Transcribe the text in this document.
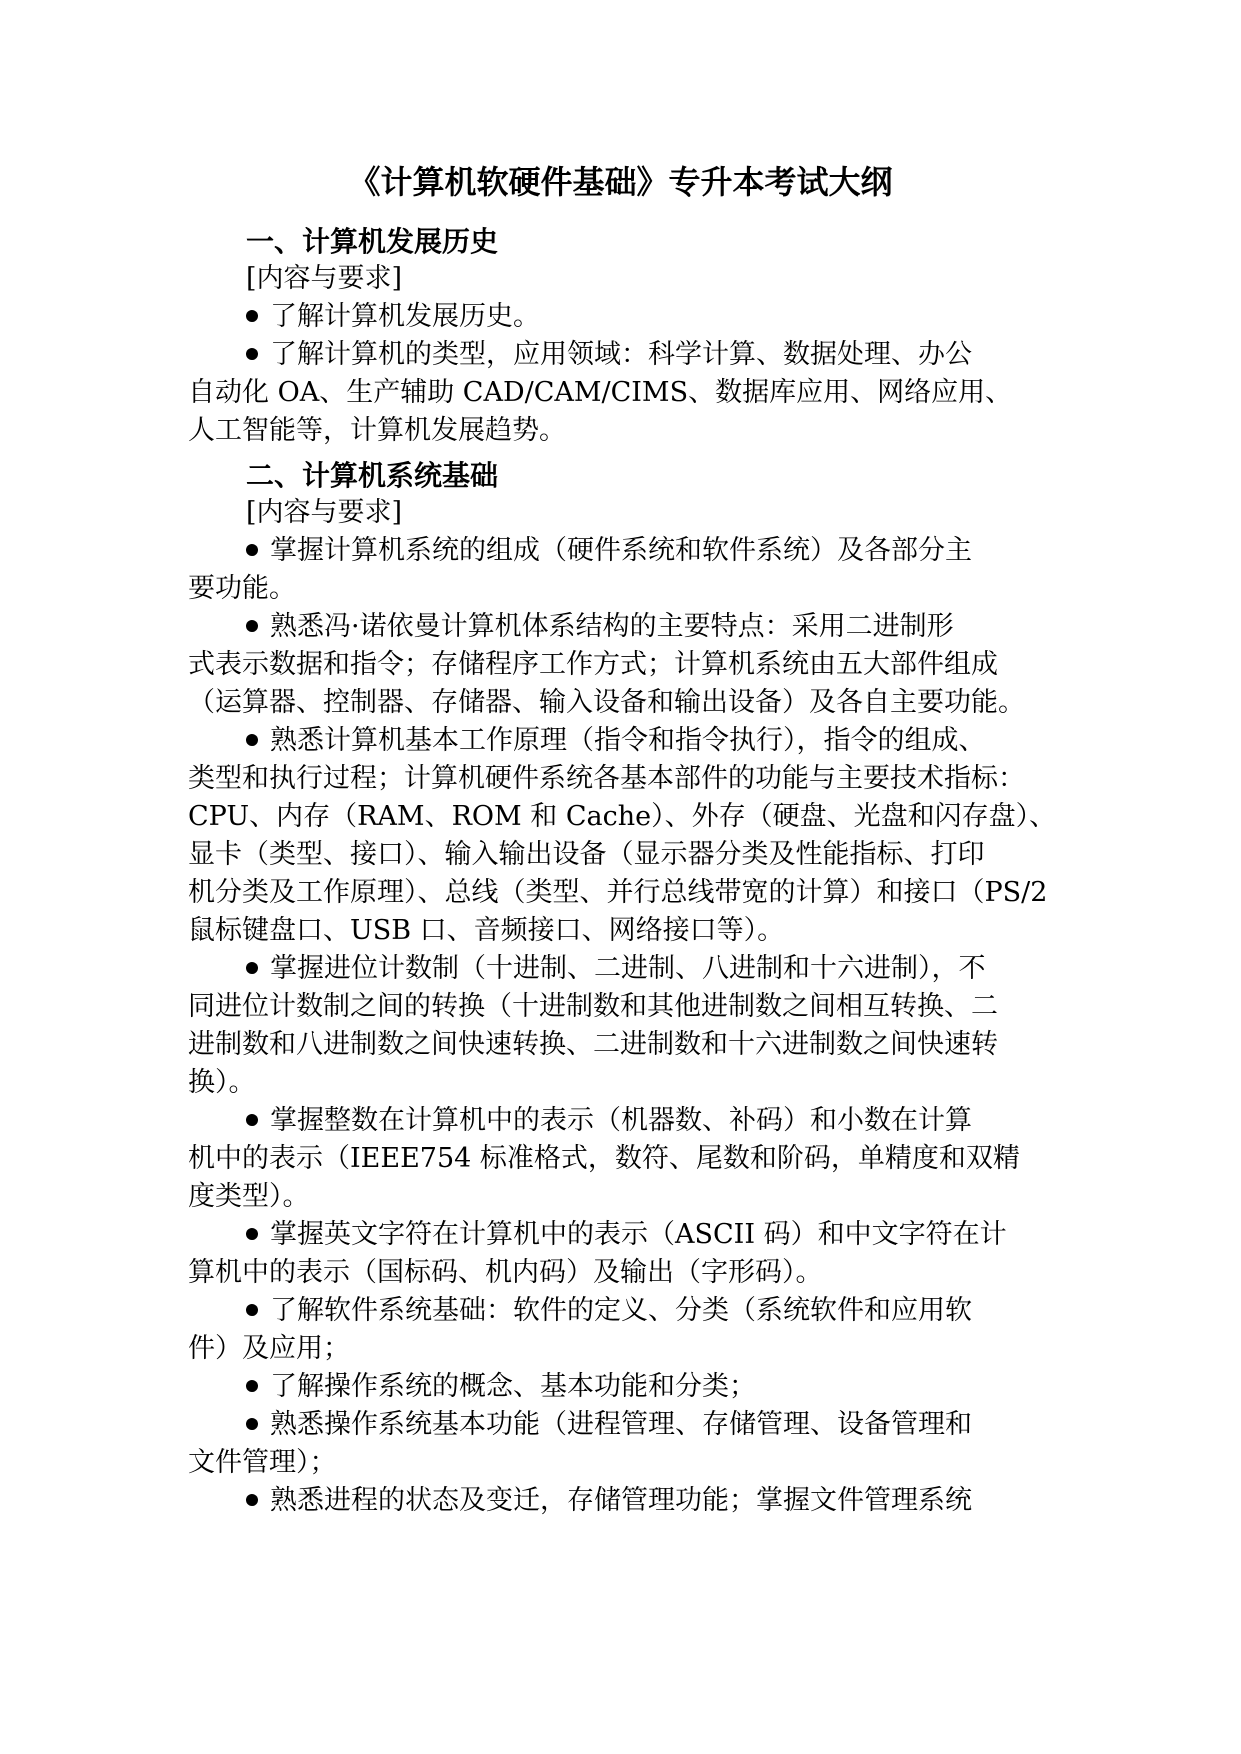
《计算机软硬件基础》专升本考试大纲
一、计算机发展历史
[内容与要求]
了解计算机发展历史。
了解计算机的类型，应用领域：科学计算、数据处理、办公
自动化 OA、生产辅助 CAD/CAM/CIMS、数据库应用、网络应用、
人工智能等，计算机发展趋势。
二、计算机系统基础
[内容与要求]
掌握计算机系统的组成（硬件系统和软件系统）及各部分主
要功能。
熟悉冯·诺依曼计算机体系结构的主要特点：采用二进制形
式表示数据和指令；存储程序工作方式；计算机系统由五大部件组成
（运算器、控制器、存储器、输入设备和输出设备）及各自主要功能。
熟悉计算机基本工作原理（指令和指令执行），指令的组成、
类型和执行过程；计算机硬件系统各基本部件的功能与主要技术指标：
CPU、内存（RAM、ROM 和 Cache）、外存（硬盘、光盘和闪存盘）、
显卡（类型、接口）、输入输出设备（显示器分类及性能指标、打印
机分类及工作原理）、总线（类型、并行总线带宽的计算）和接口（PS/2
鼠标键盘口、USB 口、音频接口、网络接口等）。
掌握进位计数制（十进制、二进制、八进制和十六进制），不
同进位计数制之间的转换（十进制数和其他进制数之间相互转换、二
进制数和八进制数之间快速转换、二进制数和十六进制数之间快速转
换）。
掌握整数在计算机中的表示（机器数、补码）和小数在计算
机中的表示（IEEE754 标准格式，数符、尾数和阶码，单精度和双精
度类型）。
掌握英文字符在计算机中的表示（ASCII 码）和中文字符在计
算机中的表示（国标码、机内码）及输出（字形码）。
了解软件系统基础：软件的定义、分类（系统软件和应用软
件）及应用；
了解操作系统的概念、基本功能和分类；
熟悉操作系统基本功能（进程管理、存储管理、设备管理和
文件管理）；
熟悉进程的状态及变迁，存储管理功能；掌握文件管理系统
